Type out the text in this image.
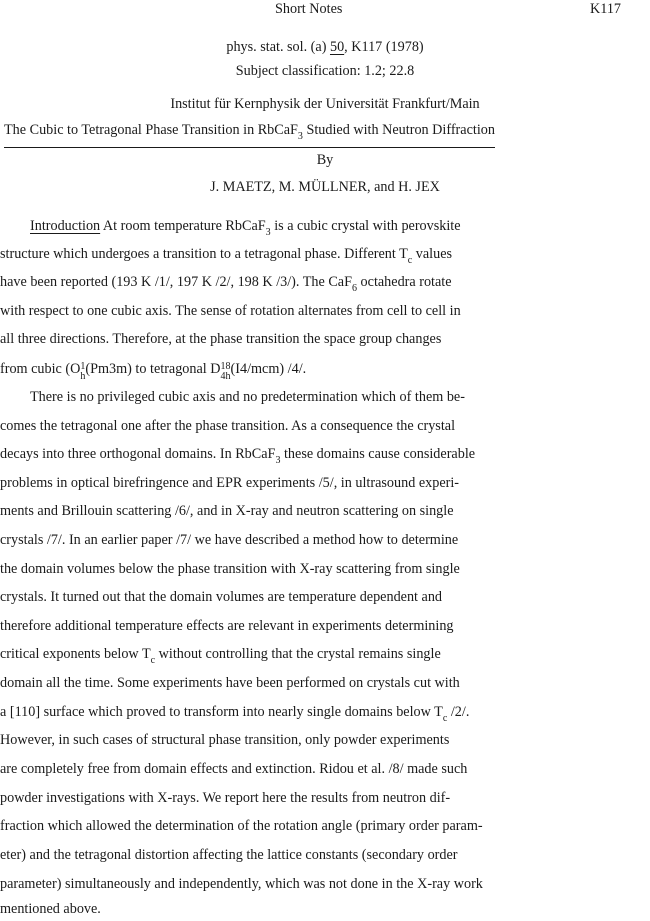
Short Notes	K117
phys. stat. sol. (a) 50, K117 (1978)
Subject classification: 1.2; 22.8
Institut für Kernphysik der Universität Frankfurt/Main
The Cubic to Tetragonal Phase Transition in RbCaF$_3$ Studied with Neutron Diffraction
By
J. MAETZ, M. MÜLLNER, and H. JEX
Introduction At room temperature RbCaF$_3$ is a cubic crystal with perovskite
structure which undergoes a transition to a tetragonal phase. Different $T_c$ values
have been reported (193 K /1/, 197 K /2/, 198 K /3/). The CaF$_6$ octahedra rotate
with respect to one cubic axis. The sense of rotation alternates from cell to cell in
all three directions. Therefore, at the phase transition the space group changes
from cubic (O 1
h (Pm3m) to tetragonal D 18
4h (I4/mcm) /4/.
There is no privileged cubic axis and no predetermination which of them be-
comes the tetragonal one after the phase transition. As a consequence the crystal
decays into three orthogonal domains. In RbCaF$_3$ these domains cause considerable
problems in optical birefringence and EPR experiments /5/, in ultrasound experi-
ments and Brillouin scattering /6/, and in X-ray and neutron scattering on single
crystals /7/. In an earlier paper /7/ we have described a method how to determine
the domain volumes below the phase transition with X-ray scattering from single
crystals. It turned out that the domain volumes are temperature dependent and
therefore additional temperature effects are relevant in experiments determining
critical exponents below $T_c$ without controlling that the crystal remains single
domain all the time. Some experiments have been performed on crystals cut with
a [110] surface which proved to transform into nearly single domains below $T_c$ /2/.
However, in such cases of structural phase transition, only powder experiments
are completely free from domain effects and extinction. Ridou et al. /8/ made such
powder investigations with X-rays. We report here the results from neutron dif-
fraction which allowed the determination of the rotation angle (primary order param-
eter) and the tetragonal distortion affecting the lattice constants (secondary order
parameter) simultaneously and independently, which was not done in the X-ray work
mentioned above.
